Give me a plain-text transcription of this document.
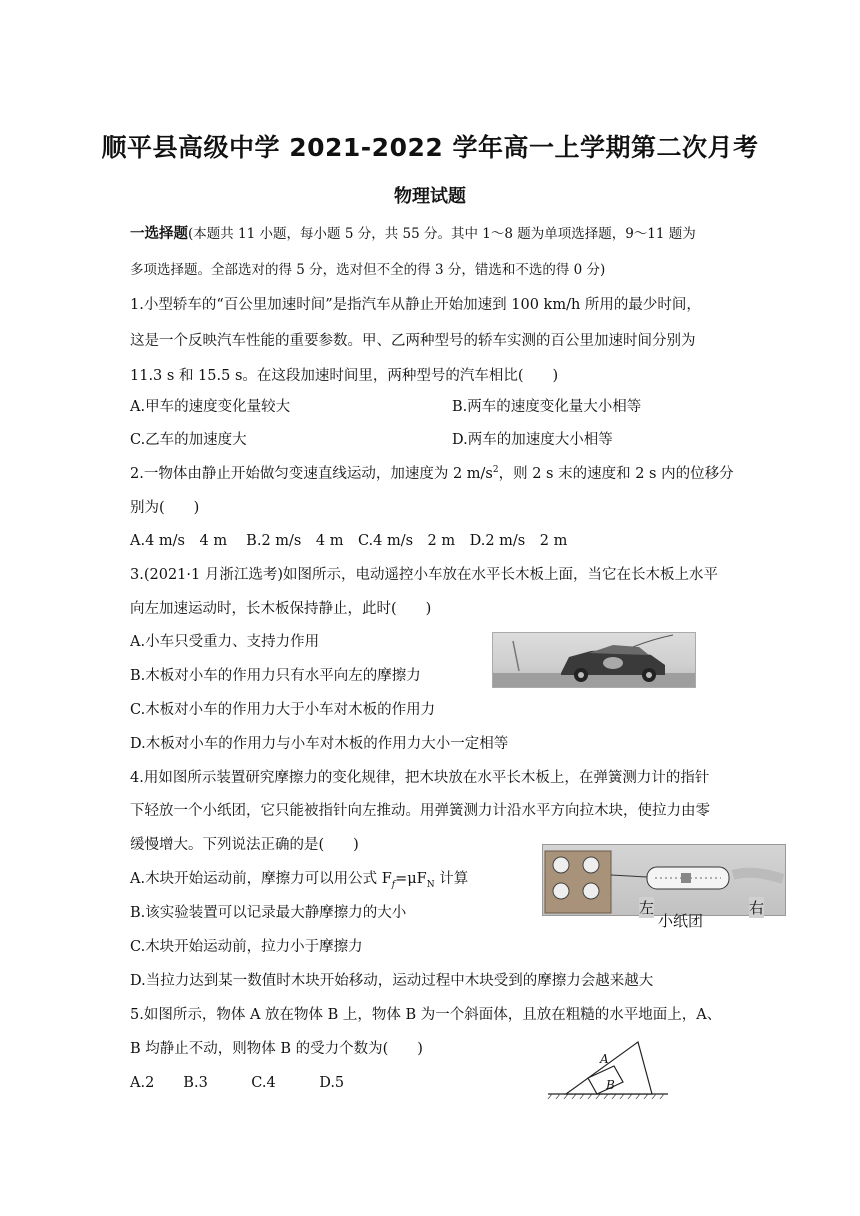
顺平县高级中学 2021-2022 学年高一上学期第二次月考
物理试题
一选择题(本题共 11 小题，每小题 5 分，共 55 分。其中 1～8 题为单项选择题，9～11 题为
多项选择题。全部选对的得 5 分，选对但不全的得 3 分，错选和不选的得 0 分)
1.小型轿车的“百公里加速时间”是指汽车从静止开始加速到 100 km/h 所用的最少时间，
这是一个反映汽车性能的重要参数。甲、乙两种型号的轿车实测的百公里加速时间分别为
11.3 s 和 15.5 s。在这段加速时间里，两种型号的汽车相比(　　)
A.甲车的速度变化量较大	B.两车的速度变化量大小相等
C.乙车的加速度大	D.两车的加速度大小相等
2.一物体由静止开始做匀变速直线运动，加速度为 2 $m/s^2$，则 2 s 末的速度和 2 s 内的位移分
别为(　　)
A.4 m/s　4 m　 B.2 m/s　4 m　C.4 m/s　2 m　D.2 m/s　2 m
3.(2021·1 月浙江选考)如图所示，电动遥控小车放在水平长木板上面，当它在长木板上水平
向左加速运动时，长木板保持静止，此时(　　)
A.小车只受重力、支持力作用
B.木板对小车的作用力只有水平向左的摩擦力
C.木板对小车的作用力大于小车对木板的作用力
D.木板对小车的作用力与小车对木板的作用力大小一定相等
4.用如图所示装置研究摩擦力的变化规律，把木块放在水平长木板上，在弹簧测力计的指针
下轻放一个小纸团，它只能被指针向左推动。用弹簧测力计沿水平方向拉木块，使拉力由零
缓慢增大。下列说法正确的是(　　)
A.木块开始运动前，摩擦力可以用公式 $F_f=\mu F_N$ 计算
B.该实验装置可以记录最大静摩擦力的大小
C.木块开始运动前，拉力小于摩擦力
D.当拉力达到某一数值时木块开始移动，运动过程中木块受到的摩擦力会越来越大
左	右
小纸团
5.如图所示，物体 A 放在物体 B 上，物体 B 为一个斜面体，且放在粗糙的水平地面上，A、
B 均静止不动，则物体 B 的受力个数为(　　)
A.2　　B.3　　　C.4　　　D.5
A
B
